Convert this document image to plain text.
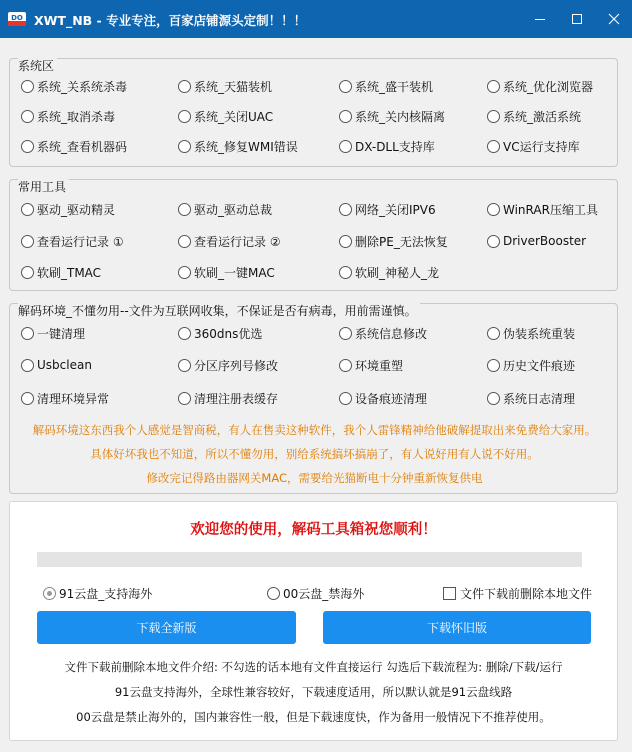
DO XWT_NB - 专业专注，百家店铺源头定制！！！
系统区
系统_关系统杀毒	系统_天猫装机	系统_盛干装机	系统_优化浏览器
系统_取消杀毒	系统_关闭UAC	系统_关内核隔离	系统_激活系统
系统_查看机器码	系统_修复WMI错误	DX-DLL支持库	VC运行支持库
常用工具
驱动_驱动精灵	驱动_驱动总裁	网络_关闭IPV6	WinRAR压缩工具
查看运行记录 ①	查看运行记录 ②	删除PE_无法恢复	DriverBooster
软刷_TMAC	软刷_一键MAC	软刷_神秘人_龙
解码环境_不懂勿用--文件为互联网收集，不保证是否有病毒，用前需谨慎。
一键清理	360dns优选	系统信息修改	伪装系统重装
Usbclean	分区序列号修改	环境重塑	历史文件痕迹
清理环境异常	清理注册表缓存	设备痕迹清理	系统日志清理
解码环境这东西我个人感觉是智商税，有人在售卖这种软件，我个人雷锋精神给他破解提取出来免费给大家用。
具体好坏我也不知道，所以不懂勿用，别给系统搞坏搞崩了，有人说好用有人说不好用。
修改完记得路由器网关MAC，需要给光猫断电十分钟重新恢复供电
欢迎您的使用，解码工具箱祝您顺利！
91云盘_支持海外	00云盘_禁海外	文件下载前删除本地文件
下载全新版	下载怀旧版
文件下载前删除本地文件介绍: 不勾选的话本地有文件直接运行 勾选后下载流程为: 删除/下载/运行
91云盘支持海外，全球性兼容较好，下载速度适用，所以默认就是91云盘线路
00云盘是禁止海外的，国内兼容性一般，但是下载速度快，作为备用一般情况下不推荐使用。
